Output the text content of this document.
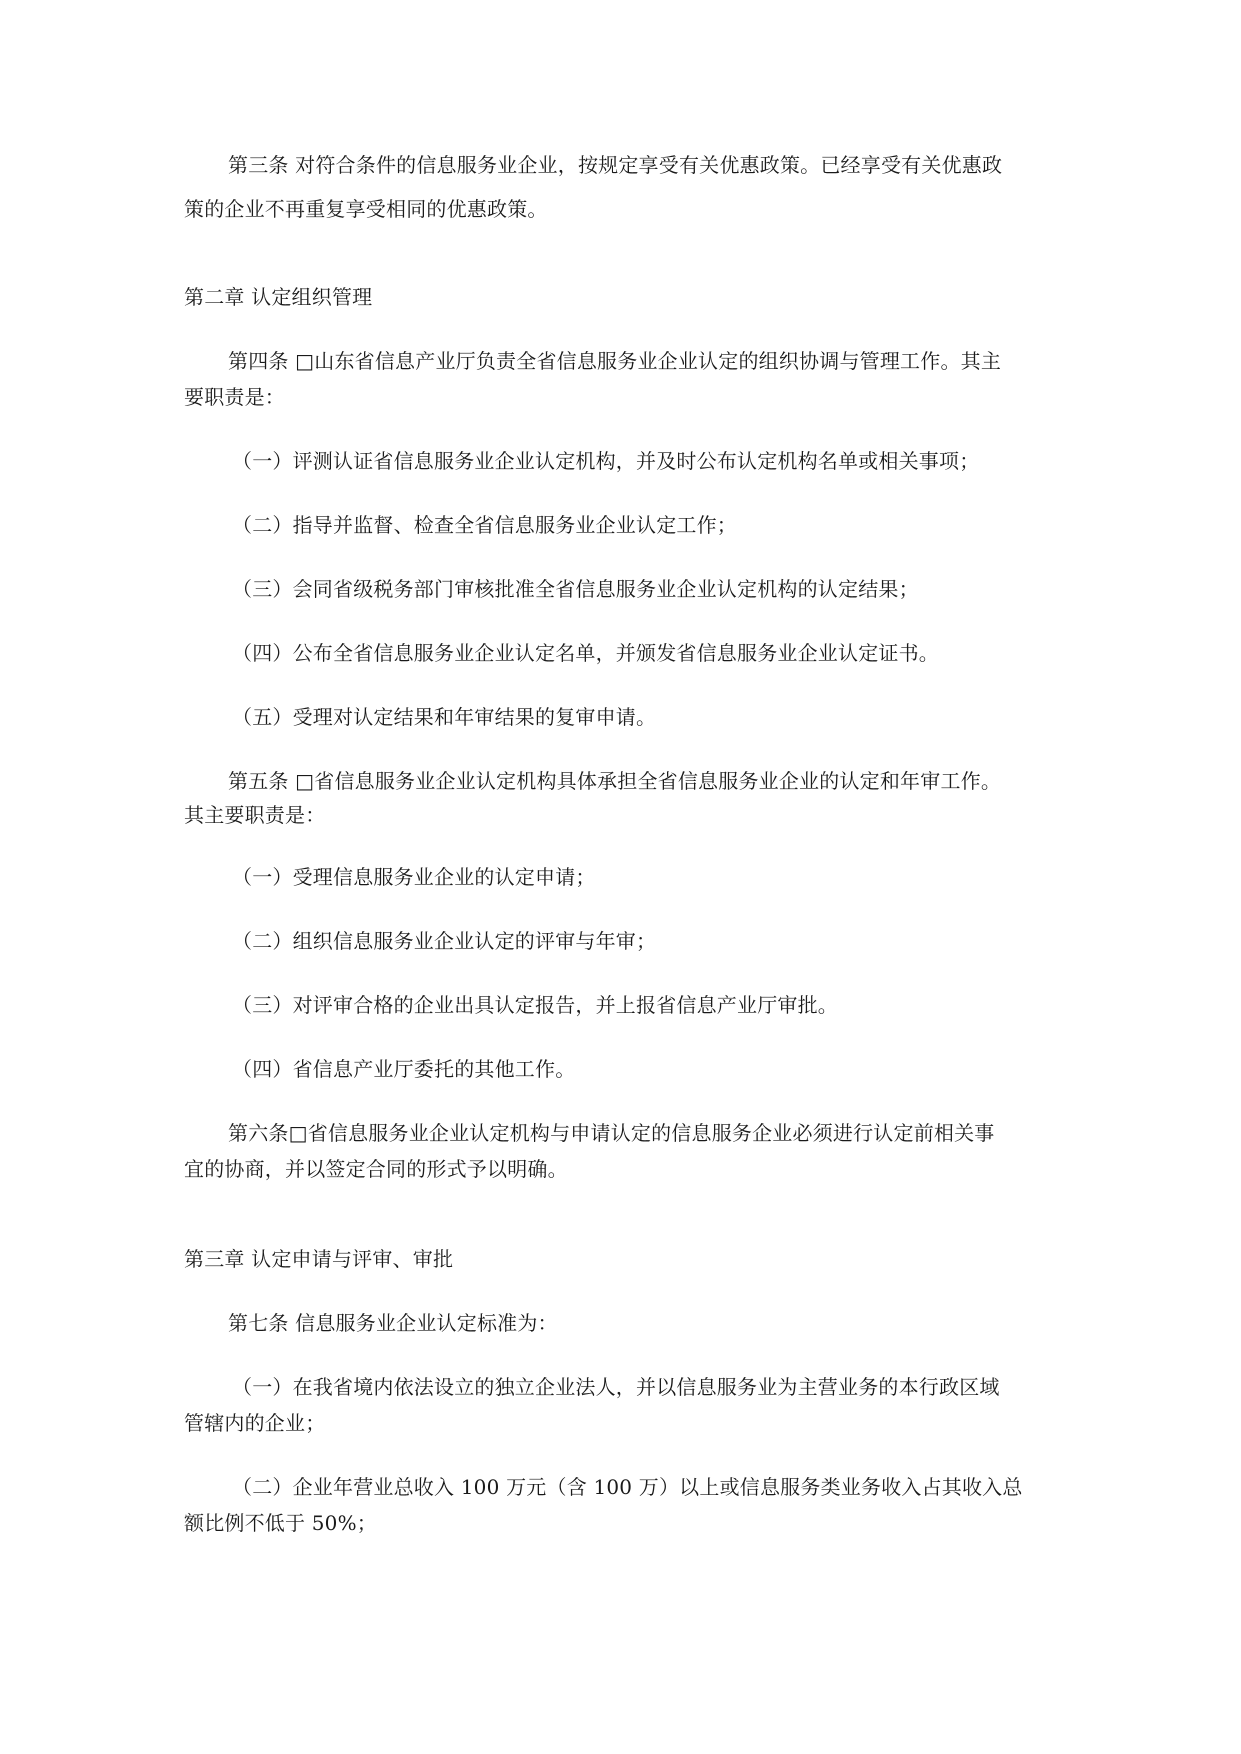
第三条 对符合条件的信息服务业企业，按规定享受有关优惠政策。已经享受有关优惠政
策的企业不再重复享受相同的优惠政策。
第二章 认定组织管理
第四条 □山东省信息产业厅负责全省信息服务业企业认定的组织协调与管理工作。其主
要职责是：
（一）评测认证省信息服务业企业认定机构，并及时公布认定机构名单或相关事项；
（二）指导并监督、检查全省信息服务业企业认定工作；
（三）会同省级税务部门审核批准全省信息服务业企业认定机构的认定结果；
（四）公布全省信息服务业企业认定名单，并颁发省信息服务业企业认定证书。
（五）受理对认定结果和年审结果的复审申请。
第五条 □省信息服务业企业认定机构具体承担全省信息服务业企业的认定和年审工作。
其主要职责是：
（一）受理信息服务业企业的认定申请；
（二）组织信息服务业企业认定的评审与年审；
（三）对评审合格的企业出具认定报告，并上报省信息产业厅审批。
（四）省信息产业厅委托的其他工作。
第六条□省信息服务业企业认定机构与申请认定的信息服务企业必须进行认定前相关事
宜的协商，并以签定合同的形式予以明确。
第三章 认定申请与评审、审批
第七条 信息服务业企业认定标准为：
（一）在我省境内依法设立的独立企业法人，并以信息服务业为主营业务的本行政区域
管辖内的企业；
（二）企业年营业总收入 100 万元（含 100 万）以上或信息服务类业务收入占其收入总
额比例不低于 50%；
